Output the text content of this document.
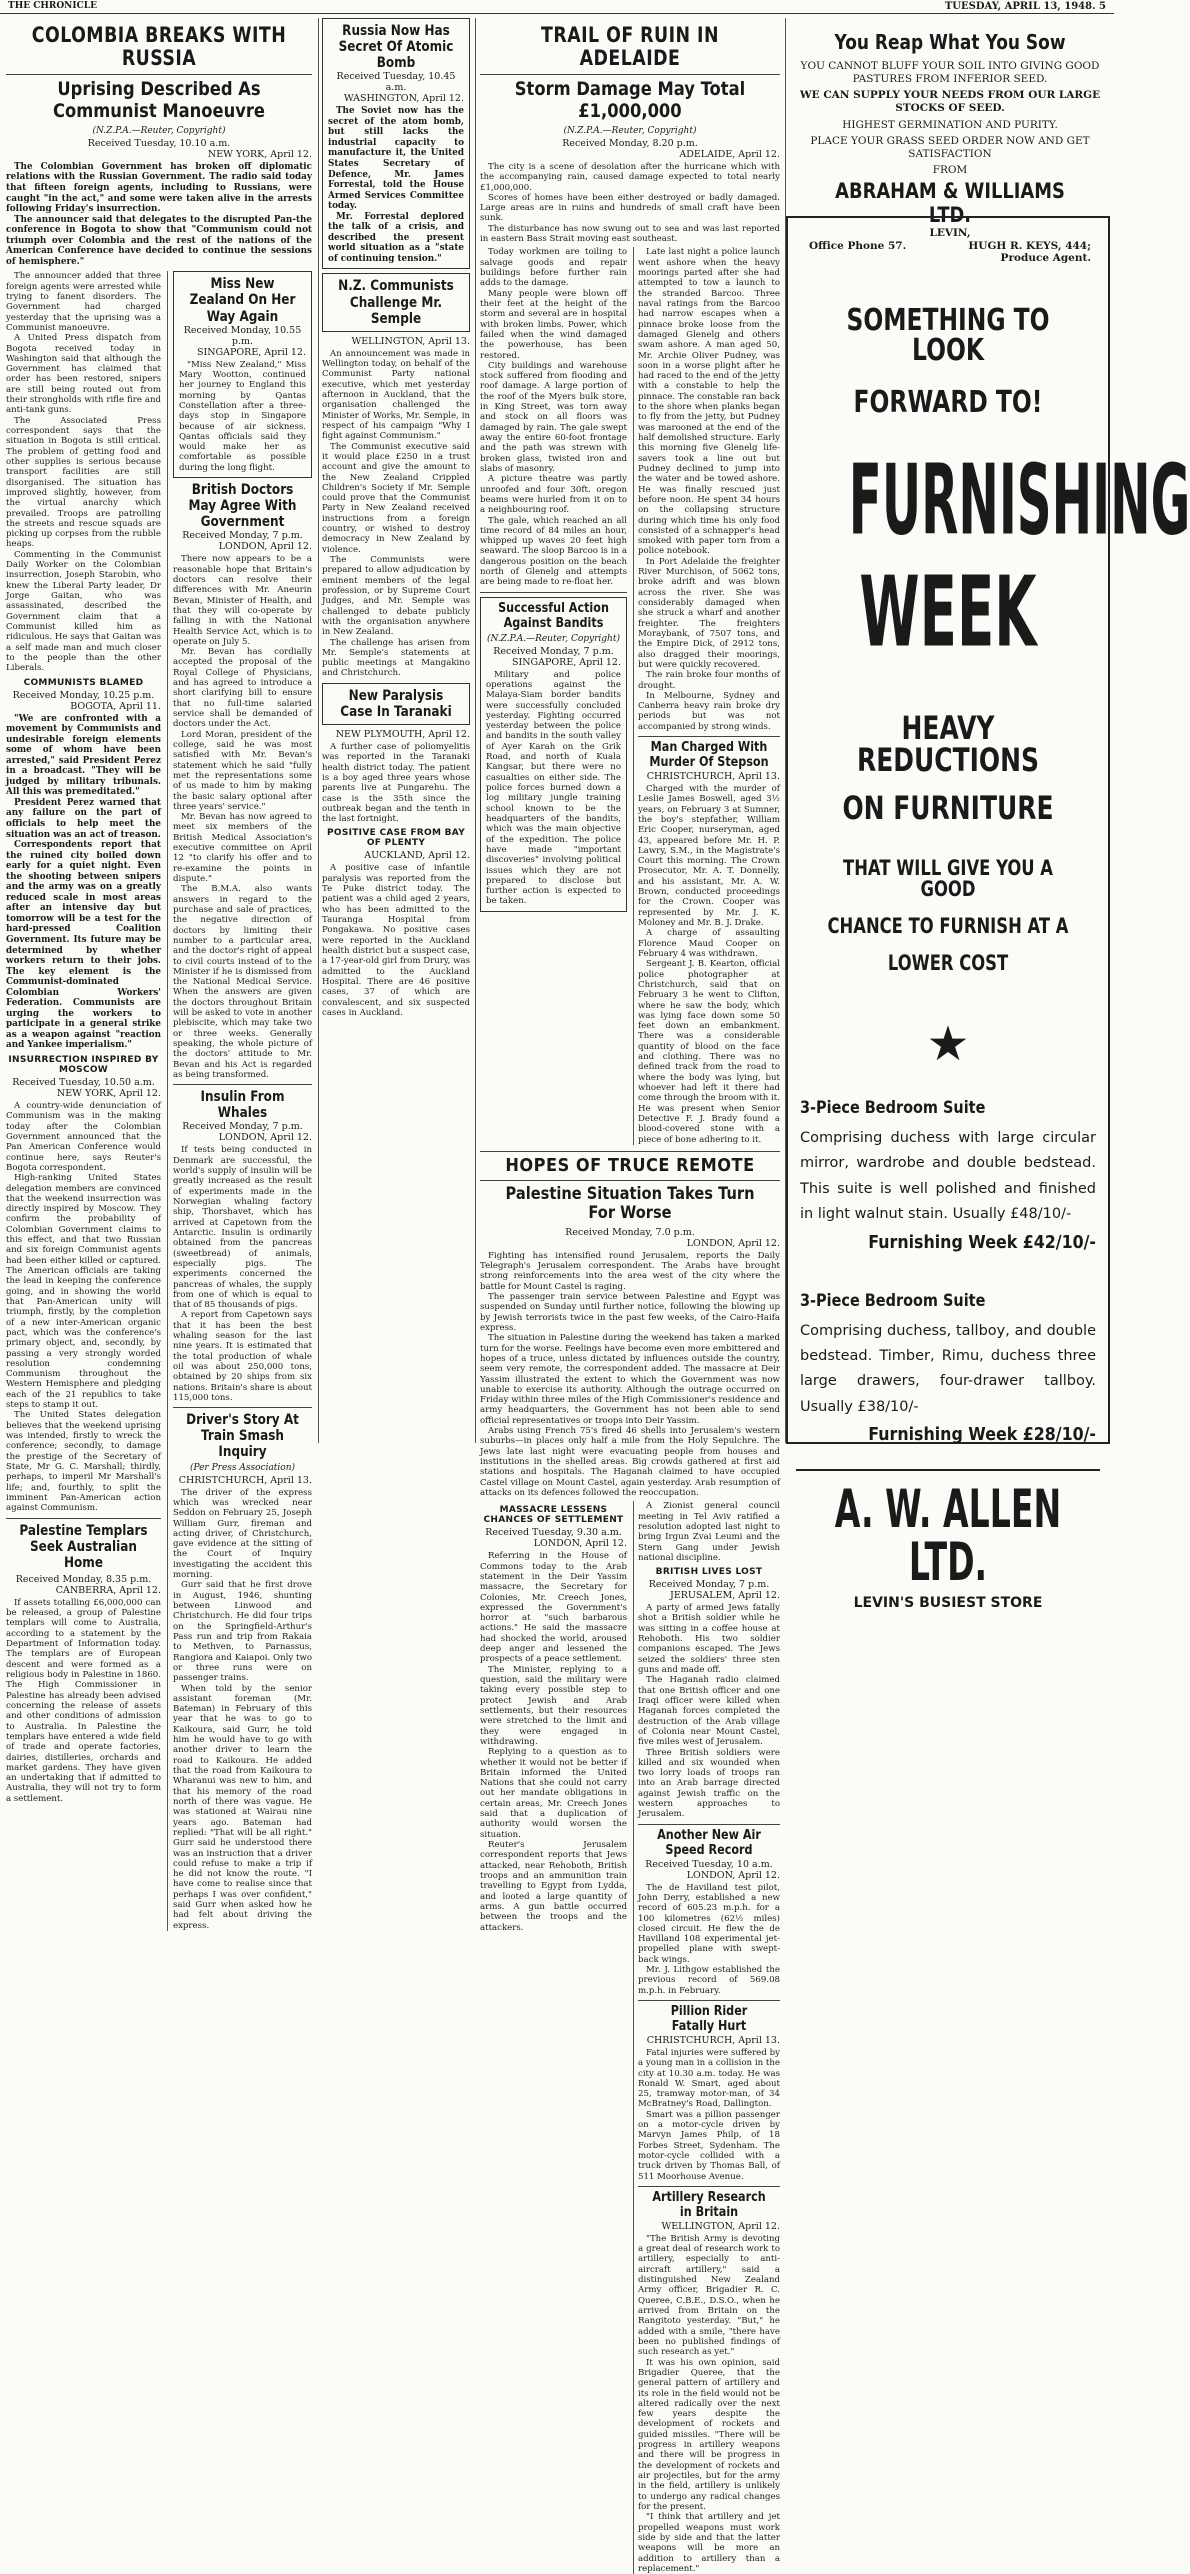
THE CHRONICLE	TUESDAY, APRIL 13, 1948. 5
COLOMBIA BREAKS WITH RUSSIA
Uprising Described As Communist Manoeuvre
(N.Z.P.A.—Reuter, Copyright)
Received Tuesday, 10.10 a.m.
NEW YORK, April 12.

The Colombian Government has broken off diplomatic relations with the Russian Government. The radio said today that fifteen foreign agents, including to Russians, were caught "in the act," and some were taken alive in the arrests following Friday's insurrection.

The announcer said that delegates to the disrupted Pan-the conference in Bogota to show that "Communism could not triumph over Colombia and the rest of the nations of the American Conference have decided to continue the sessions of hemisphere."

The announcer added that three foreign agents were arrested while trying to fanent disorders. The Government had charged yesterday that the uprising was a Communist manoeuvre.

A United Press dispatch from Bogota received today in Washington said that although the Government has claimed that order has been restored, snipers are still being routed out from their strongholds with rifle fire and anti-tank guns.

The Associated Press correspondent says that the situation in Bogota is still critical. The problem of getting food and other supplies is serious because transport facilities are still disorganised. The situation has improved slightly, however, from the virtual anarchy which prevailed. Troops are patrolling the streets and rescue squads are picking up corpses from the rubble heaps.

Commenting in the Communist Daily Worker on the Colombian insurrection, Joseph Starobin, who knew the Liberal Party leader, Dr Jorge Gaitan, who was assassinated, described the Government claim that a Communist killed him as ridiculous. He says that Gaitan was a self made man and much closer to the people than the other Liberals.

COMMUNISTS BLAMED
Received Monday, 10.25 p.m.
BOGOTA, April 11.

"We are confronted with a movement by Communists and undesirable foreign elements some of whom have been arrested," said President Perez in a broadcast. "They will be judged by military tribunals. All this was premeditated."

President Perez warned that any failure on the part of officials to help meet the situation was an act of treason.

Correspondents report that the ruined city boiled down early for a quiet night. Even the shooting between snipers and the army was on a greatly reduced scale in most areas after an intensive day but tomorrow will be a test for the hard-pressed Coalition Government. Its future may be determined by whether workers return to their jobs. The key element is the Communist-dominated Colombian Workers' Federation. Communists are urging the workers to participate in a general strike as a weapon against "reaction and Yankee imperialism."

INSURRECTION INSPIRED BY MOSCOW
Received Tuesday, 10.50 a.m.
NEW YORK, April 12.

A country-wide denunciation of Communism was in the making today after the Colombian Government announced that the Pan American Conference would continue here, says Reuter's Bogota correspondent.

High-ranking United States delegation members are convinced that the weekend insurrection was directly inspired by Moscow. They confirm the probability of Colombian Government claims to this effect, and that two Russian and six foreign Communist agents had been either killed or captured. The American officials are taking the lead in keeping the conference going, and in showing the world that Pan-American unity will triumph, firstly, by the completion of a new inter-American organic pact, which was the conference's primary object, and, secondly, by passing a very strongly worded resolution condemning Communism throughout the Western Hemisphere and pledging each of the 21 republics to take steps to stamp it out.

The United States delegation believes that the weekend uprising was intended, firstly to wreck the conference; secondly, to damage the prestige of the Secretary of State, Mr G. C. Marshall; thirdly, perhaps, to imperil Mr Marshall's life; and, fourthly, to split the imminent Pan-American action against Communism.

Palestine Templars Seek Australian Home
Received Monday, 8.35 p.m.
CANBERRA, April 12.

If assets totalling £6,000,000 can be released, a group of Palestine templars will come to Australia, according to a statement by the Department of Information today. The templars are of European descent and were formed as a religious body in Palestine in 1860. The High Commissioner in Palestine has already been advised concerning the release of assets and other conditions of admission to Australia. In Palestine the templars have entered a wide field of trade and operate factories, dairies, distilleries, orchards and market gardens. They have given an undertaking that if admitted to Australia, they will not try to form a settlement.

Miss New Zealand On Her Way Again
Received Monday, 10.55 p.m.
SINGAPORE, April 12.

"Miss New Zealand," Miss Mary Wootton, continued her journey to England this morning by Qantas Constellation after a three-days stop in Singapore because of air sickness. Qantas officials said they would make her as comfortable as possible during the long flight.

British Doctors May Agree With Government
Received Monday, 7 p.m.
LONDON, April 12.

There now appears to be a reasonable hope that Britain's doctors can resolve their differences with Mr. Aneurin Bevan, Minister of Health, and that they will co-operate by falling in with the National Health Service Act, which is to operate on July 5.

Mr. Bevan has cordially accepted the proposal of the Royal College of Physicians, and has agreed to introduce a short clarifying bill to ensure that no full-time salaried service shall be demanded of doctors under the Act.

Lord Moran, president of the college, said he was most satisfied with Mr. Bevan's statement which he said "fully met the representations some of us made to him by making the basic salary optional after three years' service."

Mr. Bevan has now agreed to meet six members of the British Medical Association's executive committee on April 12 "to clarify his offer and to re-examine the points in dispute."

The B.M.A. also wants answers in regard to the purchase and sale of practices, the negative direction of doctors by limiting their number to a particular area, and the doctor's right of appeal to civil courts instead of to the Minister if he is dismissed from the National Medical Service. When the answers are given the doctors throughout Britain will be asked to vote in another plebiscite, which may take two or three weeks. Generally speaking, the whole picture of the doctors' attitude to Mr. Bevan and his Act is regarded as being transformed.

Insulin From Whales
Received Monday, 7 p.m.
LONDON, April 12.

If tests being conducted in Denmark are successful, the world's supply of insulin will be greatly increased as the result of experiments made in the Norwegian whaling factory ship, Thorshavet, which has arrived at Capetown from the Antarctic. Insulin is ordinarily obtained from the pancreas (sweetbread) of animals, especially pigs. The experiments concerned the pancreas of whales, the supply from one of which is equal to that of 85 thousands of pigs.

A report from Capetown says that it has been the best whaling season for the last nine years. It is estimated that the total production of whale oil was about 250,000 tons, obtained by 20 ships from six nations. Britain's share is about 115,000 tons.

Driver's Story At Train Smash Inquiry
(Per Press Association)
CHRISTCHURCH, April 13.

The driver of the express which was wrecked near Seddon on February 25, Joseph William Gurr, fireman and acting driver, of Christchurch, gave evidence at the sitting of the Court of Inquiry investigating the accident this morning.

Gurr said that he first drove in August, 1946, shunting between Linwood and Christchurch. He did four trips on the Springfield-Arthur's Pass run and trip from Rakaia to Methven, to Parnassus, Rangiora and Kaiapoi. Only two or three runs were on passenger trains.

When told by the senior assistant foreman (Mr. Bateman) in February of this year that he was to go to Kaikoura, said Gurr, he told him he would have to go with another driver to learn the road to Kaikoura. He added that the road from Kaikoura to Wharanui was new to him, and that his memory of the road north of there was vague. He was stationed at Wairau nine years ago. Bateman had replied: "That will be all right." Gurr said he understood there was an instruction that a driver could refuse to make a trip if he did not know the route. "I have come to realise since that perhaps I was over confident," said Gurr when asked how he had felt about driving the express.

Russia Now Has Secret Of Atomic Bomb
Received Tuesday, 10.45 a.m.
WASHINGTON, April 12.

The Soviet now has the secret of the atom bomb, but still lacks the industrial capacity to manufacture it, the United States Secretary of Defence, Mr. James Forrestal, told the House Armed Services Committee today.

Mr. Forrestal deplored the talk of a crisis, and described the present world situation as a "state of continuing tension."

N.Z. Communists Challenge Mr. Semple
WELLINGTON, April 13.

An announcement was made in Wellington today, on behalf of the Communist Party national executive, which met yesterday afternoon in Auckland, that the organisation challenged the Minister of Works, Mr. Semple, in respect of his campaign "Why I fight against Communism."

The Communist executive said it would place £250 in a trust account and give the amount to the New Zealand Crippled Children's Society if Mr. Semple could prove that the Communist Party in New Zealand received instructions from a foreign country, or wished to destroy democracy in New Zealand by violence.

The Communists were prepared to allow adjudication by eminent members of the legal profession, or by Supreme Court Judges, and Mr. Semple was challenged to debate publicly with the organisation anywhere in New Zealand.

The challenge has arisen from Mr. Semple's statements at public meetings at Mangakino and Christchurch.

New Paralysis Case In Taranaki
NEW PLYMOUTH, April 12.

A further case of poliomyelitis was reported in the Taranaki health district today. The patient is a boy aged three years whose parents live at Pungarehu. The case is the 35th since the outbreak began and the tenth in the last fortnight.

POSITIVE CASE FROM BAY OF PLENTY
AUCKLAND, April 12.

A positive case of infantile paralysis was reported from the Te Puke district today. The patient was a child aged 2 years, who has been admitted to the Tauranga Hospital from Pongakawa. No positive cases were reported in the Auckland health district but a suspect case, a 17-year-old girl from Drury, was admitted to the Auckland Hospital. There are 46 positive cases, 37 of which are convalescent, and six suspected cases in Auckland.

TRAIL OF RUIN IN ADELAIDE
Storm Damage May Total £1,000,000
(N.Z.P.A.—Reuter, Copyright)
Received Monday, 8.20 p.m.
ADELAIDE, April 12.

The city is a scene of desolation after the hurricane which with the accompanying rain, caused damage expected to total nearly £1,000,000.

Scores of homes have been either destroyed or badly damaged. Large areas are in ruins and hundreds of small craft have been sunk.

The disturbance has now swung out to sea and was last reported in eastern Bass Strait moving east southeast.

Today workmen are toiling to salvage goods and repair buildings before further rain adds to the damage.

Many people were blown off their feet at the height of the storm and several are in hospital with broken limbs. Power, which failed when the wind damaged the powerhouse, has been restored.

City buildings and warehouse stock suffered from flooding and roof damage. A large portion of the roof of the Myers bulk store, in King Street, was torn away and stock on all floors was damaged by rain. The gale swept away the entire 60-foot frontage and the path was strewn with broken glass, twisted iron and slabs of masonry.

A picture theatre was partly unroofed and four 30ft. oregon beams were hurled from it on to a neighbouring roof.

The gale, which reached an all time record of 84 miles an hour, whipped up waves 20 feet high seaward. The sloop Barcoo is in a dangerous position on the beach north of Glenelg and attempts are being made to re-float her.

Successful Action Against Bandits
(N.Z.P.A.—Reuter, Copyright)
Received Monday, 7 p.m.
SINGAPORE, April 12.

Military and police operations against the Malaya-Siam border bandits were successfully concluded yesterday. Fighting occurred yesterday between the police and bandits in the south valley of Ayer Karah on the Grik Road, and north of Kuala Kangsar, but there were no casualties on either side. The police forces burned down a log military jungle training school known to be the headquarters of the bandits, which was the main objective of the expedition. The police have made "important discoveries" involving political issues which they are not prepared to disclose but further action is expected to be taken.

Late last night a police launch went ashore when the heavy moorings parted after she had attempted to tow a launch to the stranded Barcoo. Three naval ratings from the Barcoo had narrow escapes when a pinnace broke loose from the damaged Glenelg and others swam ashore. A man aged 50, Mr. Archie Oliver Pudney, was soon in a worse plight after he had raced to the end of the jetty with a constable to help the pinnace. The constable ran back to the shore when planks began to fly from the jetty, but Pudney was marooned at the end of the half demolished structure. Early this morning five Glenelg life-savers took a line out but Pudney declined to jump into the water and be towed ashore. He was finally rescued just before noon. He spent 34 hours on the collapsing structure during which time his only food consisted of a schnapper's head smoked with paper torn from a police notebook.

In Port Adelaide the freighter River Murchison, of 5062 tons, broke adrift and was blown across the river. She was considerably damaged when she struck a wharf and another freighter. The freighters Moraybank, of 7507 tons, and the Empire Dick, of 2912 tons, also dragged their moorings, but were quickly recovered.

The rain broke four months of drought.

In Melbourne, Sydney and Canberra heavy rain broke dry periods but was not accompanied by strong winds.

Man Charged With Murder Of Stepson
CHRISTCHURCH, April 13.

Charged with the murder of Leslie James Boswell, aged 3½ years, on February 3 at Sumner, the boy's stepfather, William Eric Cooper, nurseryman, aged 43, appeared before Mr. H. P. Lawry, S.M., in the Magistrate's Court this morning. The Crown Prosecutor, Mr. A. T. Donnelly, and his assistant, Mr. A. W. Brown, conducted proceedings for the Crown. Cooper was represented by Mr. J. K. Moloney and Mr. B. J. Drake.

A charge of assaulting Florence Maud Cooper on February 4 was withdrawn.

Sergeant J. B. Kearton, official police photographer at Christchurch, said that on February 3 he went to Clifton, where he saw the body, which was lying face down some 50 feet down an embankment. There was a considerable quantity of blood on the face and clothing. There was no defined track from the road to where the body was lying, but whoever had left it there had come through the broom with it. He was present when Senior Detective F. J. Brady found a blood-covered stone with a piece of bone adhering to it.

HOPES OF TRUCE REMOTE
Palestine Situation Takes Turn For Worse
Received Monday, 7.0 p.m.
LONDON, April 12.

Fighting has intensified round Jerusalem, reports the Daily Telegraph's Jerusalem correspondent. The Arabs have brought strong reinforcements into the area west of the city where the battle for Mount Castel is raging.

The passenger train service between Palestine and Egypt was suspended on Sunday until further notice, following the blowing up by Jewish terrorists twice in the past few weeks, of the Cairo-Haifa express.

The situation in Palestine during the weekend has taken a marked turn for the worse. Feelings have become even more embittered and hopes of a truce, unless dictated by influences outside the country, seem very remote, the correspondent added. The massacre at Deir Yassim illustrated the extent to which the Government was now unable to exercise its authority. Although the outrage occurred on Friday within three miles of the High Commissioner's residence and army headquarters, the Government has not been able to send official representatives or troops into Deir Yassim.

Arabs using French 75's fired 46 shells into Jerusalem's western suburbs—in places only half a mile from the Holy Sepulchre. The Jews late last night were evacuating people from houses and institutions in the shelled areas. Big crowds gathered at first aid stations and hospitals. The Haganah claimed to have occupied Castel village on Mount Castel, again yesterday. Arab resumption of attacks on its defences followed the reoccupation.

MASSACRE LESSENS CHANCES OF SETTLEMENT
Received Tuesday, 9.30 a.m.
LONDON, April 12.

Referring in the House of Commons today to the Arab statement in the Deir Yassim massacre, the Secretary for Colonies, Mr. Creech Jones, expressed the Government's horror at "such barbarous actions." He said the massacre had shocked the world, aroused deep anger and lessened the prospects of a peace settlement.

The Minister, replying to a question, said the military were taking every possible step to protect Jewish and Arab settlements, but their resources were stretched to the limit and they were engaged in withdrawing.

Replying to a question as to whether it would not be better if Britain informed the United Nations that she could not carry out her mandate obligations in certain areas, Mr. Creech Jones said that a duplication of authority would worsen the situation.

Reuter's Jerusalem correspondent reports that Jews attacked, near Rehoboth, British troops and an ammunition train travelling to Egypt from Lydda, and looted a large quantity of arms. A gun battle occurred between the troops and the attackers.

A Zionist general council meeting in Tel Aviv ratified a resolution adopted last night to bring Irgun Zvai Leumi and the Stern Gang under Jewish national discipline.

BRITISH LIVES LOST
Received Monday, 7 p.m.
JERUSALEM, April 12.

A party of armed Jews fatally shot a British soldier while he was sitting in a coffee house at Rehoboth. His two soldier companions escaped. The Jews seized the soldiers' three sten guns and made off.

The Haganah radio claimed that one British officer and one Iraqi officer were killed when Haganah forces completed the destruction of the Arab village of Colonia near Mount Castel, five miles west of Jerusalem.

Three British soldiers were killed and six wounded when two lorry loads of troops ran into an Arab barrage directed against Jewish traffic on the western approaches to Jerusalem.

Another New Air Speed Record
Received Tuesday, 10 a.m.
LONDON, April 12.

The de Havilland test pilot, John Derry, established a new record of 605.23 m.p.h. for a 100 kilometres (62½ miles) closed circuit. He flew the de Havilland 108 experimental jet-propelled plane with swept-back wings.

Mr. J. Lithgow established the previous record of 569.08 m.p.h. in February.

Pillion Rider Fatally Hurt
CHRISTCHURCH, April 13.

Fatal injuries were suffered by a young man in a collision in the city at 10.30 a.m. today. He was Ronald W. Smart, aged about 25, tramway motor-man, of 34 McBratney's Road, Dallington.

Smart was a pillion passenger on a motor-cycle driven by Marvyn James Philp, of 18 Forbes Street, Sydenham. The motor-cycle collided with a truck driven by Thomas Ball, of 511 Moorhouse Avenue.

Artillery Research in Britain
WELLINGTON, April 12.

"The British Army is devoting a great deal of research work to artillery, especially to anti-aircraft artillery," said a distinguished New Zealand Army officer, Brigadier R. C. Queree, C.B.E., D.S.O., when he arrived from Britain on the Rangitoto yesterday. "But," he added with a smile, "there have been no published findings of such research as yet."

It was his own opinion, said Brigadier Queree, that the general pattern of artillery and its role in the field would not be altered radically over the next few years despite the development of rockets and guided missiles. "There will be progress in artillery weapons and there will be progress in the development of rockets and air projectiles, but for the army in the field, artillery is unlikely to undergo any radical changes for the present.

"I think that artillery and jet propelled weapons must work side by side and that the latter weapons will be more an addition to artillery than a replacement."

You Reap What You Sow
YOU CANNOT BLUFF YOUR SOIL INTO GIVING GOOD PASTURES FROM INFERIOR SEED.
WE CAN SUPPLY YOUR NEEDS FROM OUR LARGE STOCKS OF SEED.
HIGHEST GERMINATION AND PURITY.
PLACE YOUR GRASS SEED ORDER NOW AND GET SATISFACTION
FROM
ABRAHAM & WILLIAMS LTD.
LEVIN,
Office Phone 57.	HUGH R. KEYS, 444;
Produce Agent.
SOMETHING TO LOOK
FORWARD TO!
FURNISHING
WEEK
HEAVY REDUCTIONS
ON FURNITURE
THAT WILL GIVE YOU A GOOD
CHANCE TO FURNISH AT A
LOWER COST
★
3-Piece Bedroom Suite
Comprising duchess with large circular mirror, wardrobe and double bedstead. This suite is well polished and finished in light walnut stain. Usually £48/10/-
Furnishing Week £42/10/-
3-Piece Bedroom Suite
Comprising duchess, tallboy, and double bedstead. Timber, Rimu, duchess three large drawers, four-drawer tallboy. Usually £38/10/-
Furnishing Week £28/10/-
A. W. ALLEN LTD.
LEVIN'S BUSIEST STORE
